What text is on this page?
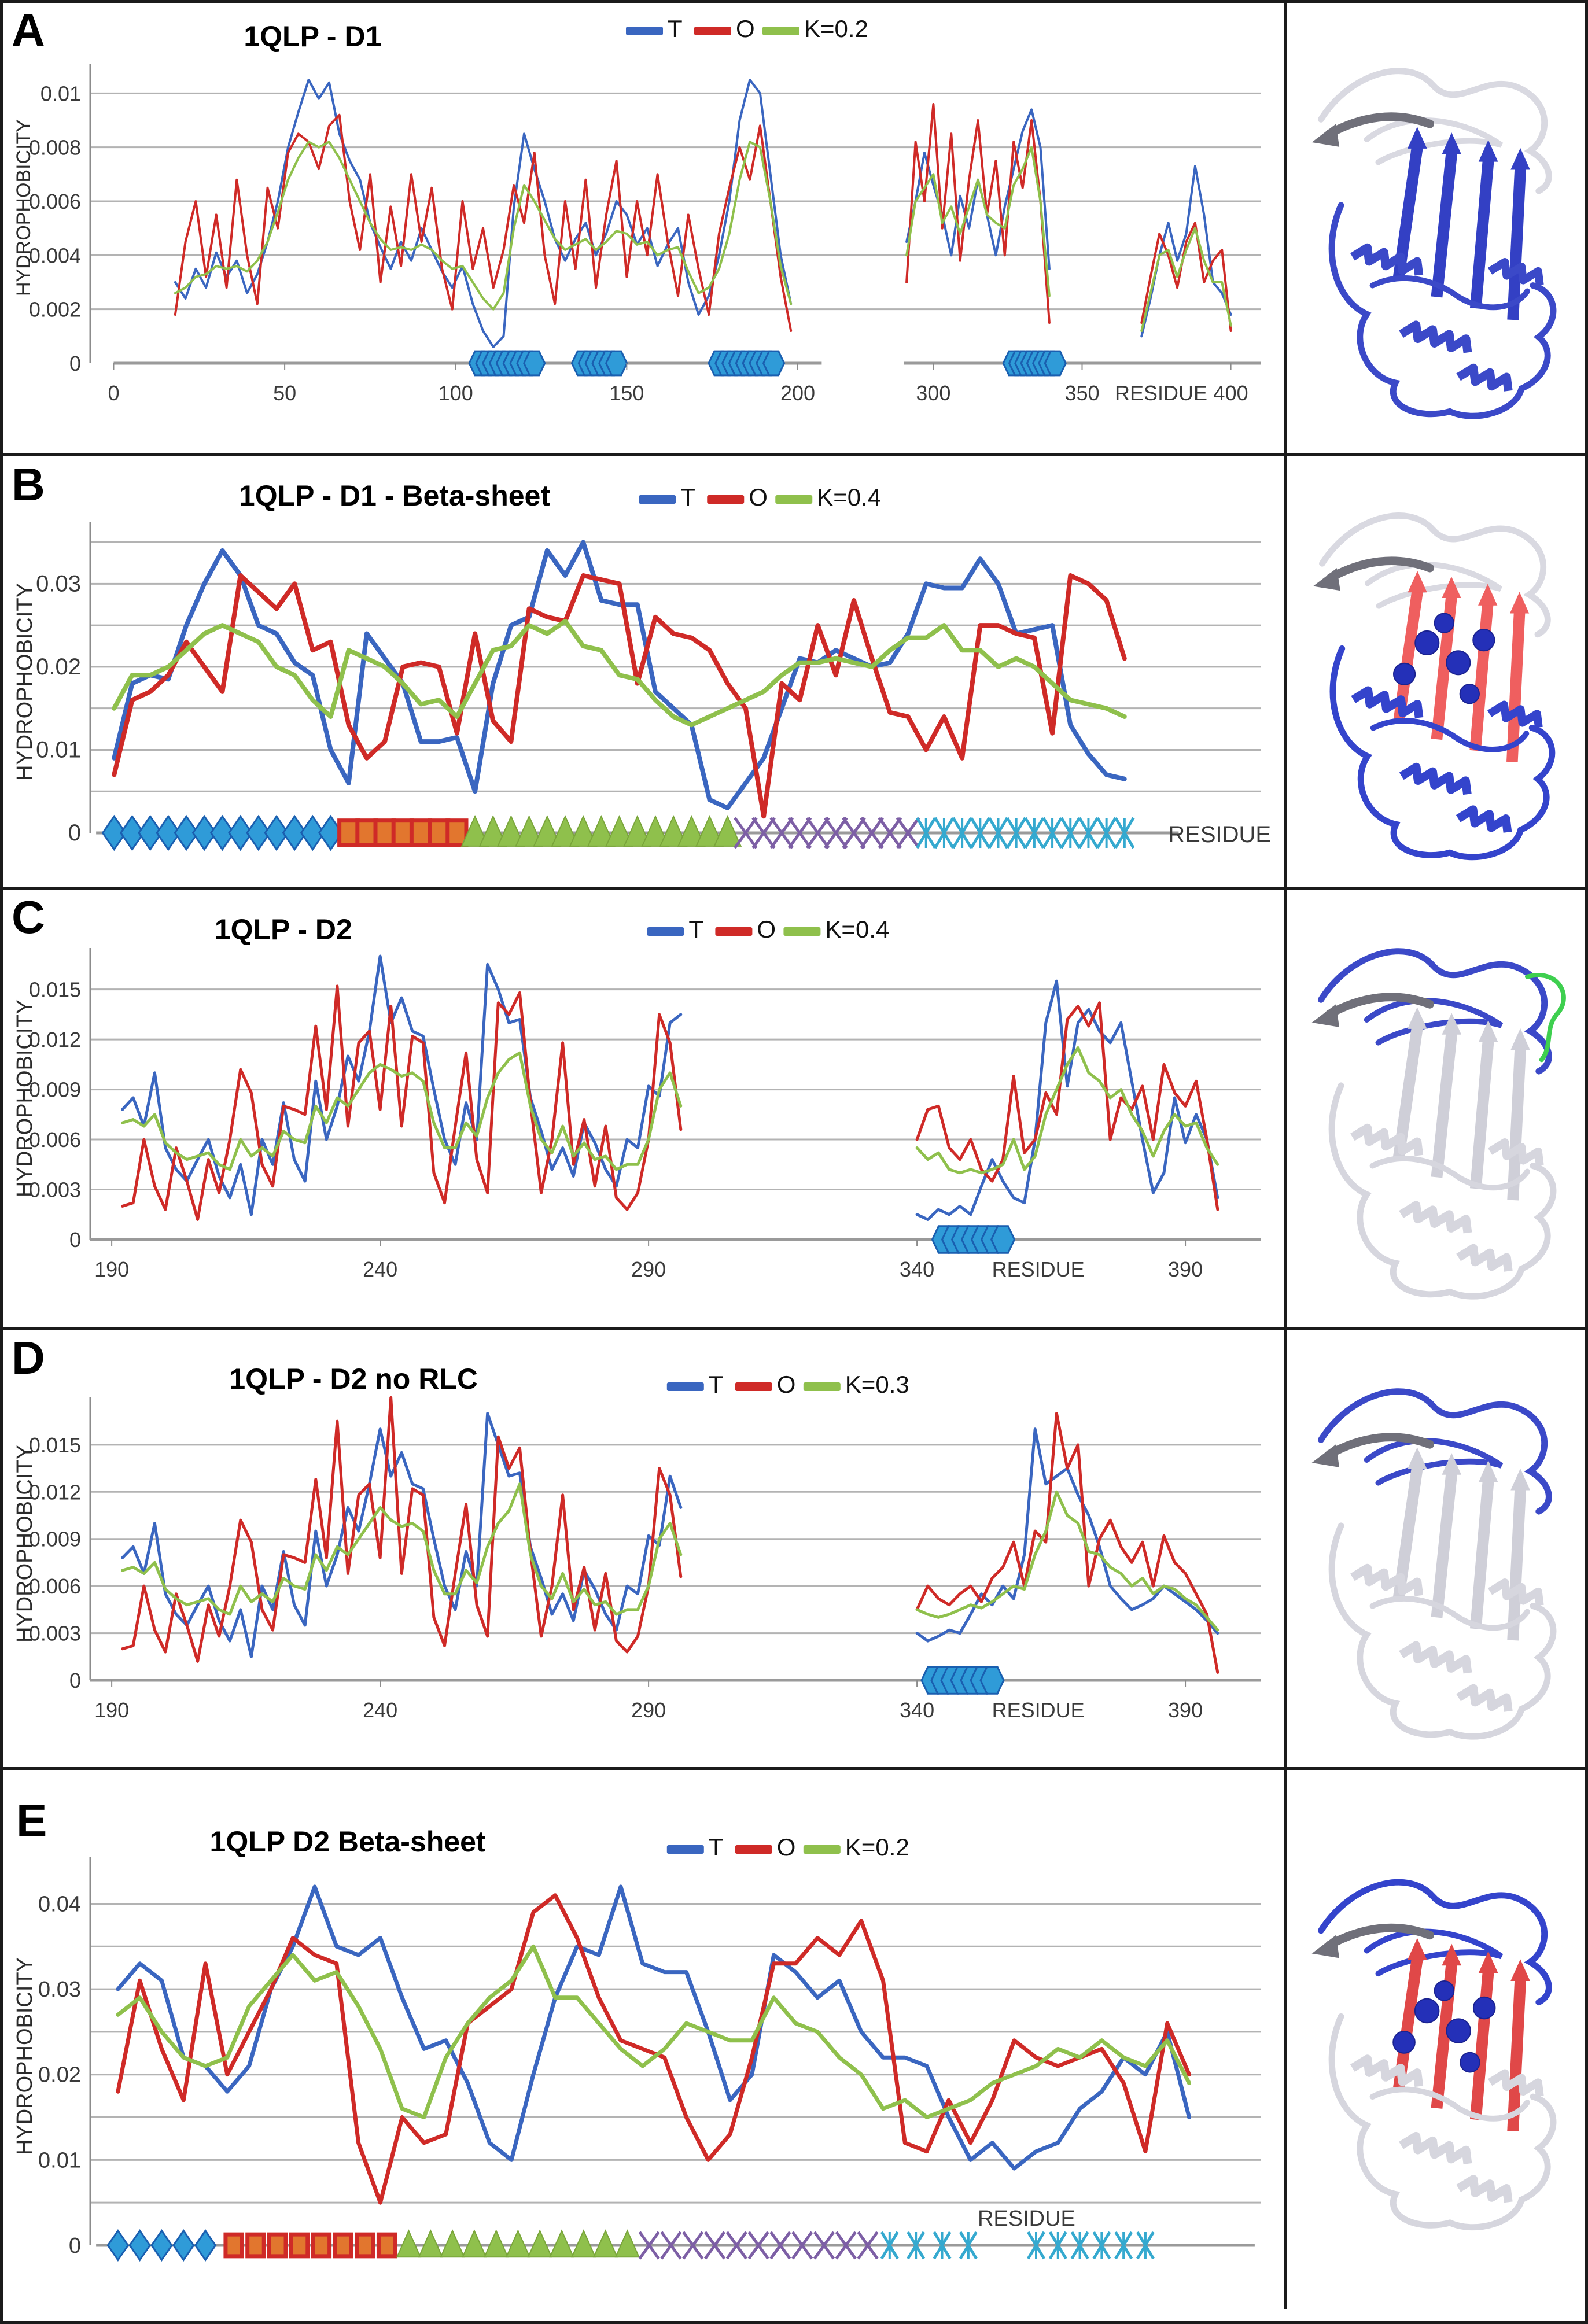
A	1QLP - D1
HYDROPHOBICITY
0.01
0.008
0.006
0.004
0.002
0
0	50	100	150	200	300	350	400
RESIDUE
T O K=0.2
B	1QLP - D1 - Beta-sheet
HYDROPHOBICITY
0.03
0.02
0.01
0	RESIDUE
T O K=0.4
C	1QLP - D2
HYDROPHOBICITY
0.015
0.012
0.009
0.006
0.003
0
190	240	290	340	390
RESIDUE
T O K=0.4
D	1QLP - D2 no RLC
HYDROPHOBICITY
0.015
0.012
0.009
0.006
0.003
0
190	240	290	340	390
RESIDUE
T O K=0.3
E	1QLP D2 Beta-sheet
HYDROPHOBICITY
0.04
0.03
0.02
0.01
0
RESIDUE
T O K=0.2
